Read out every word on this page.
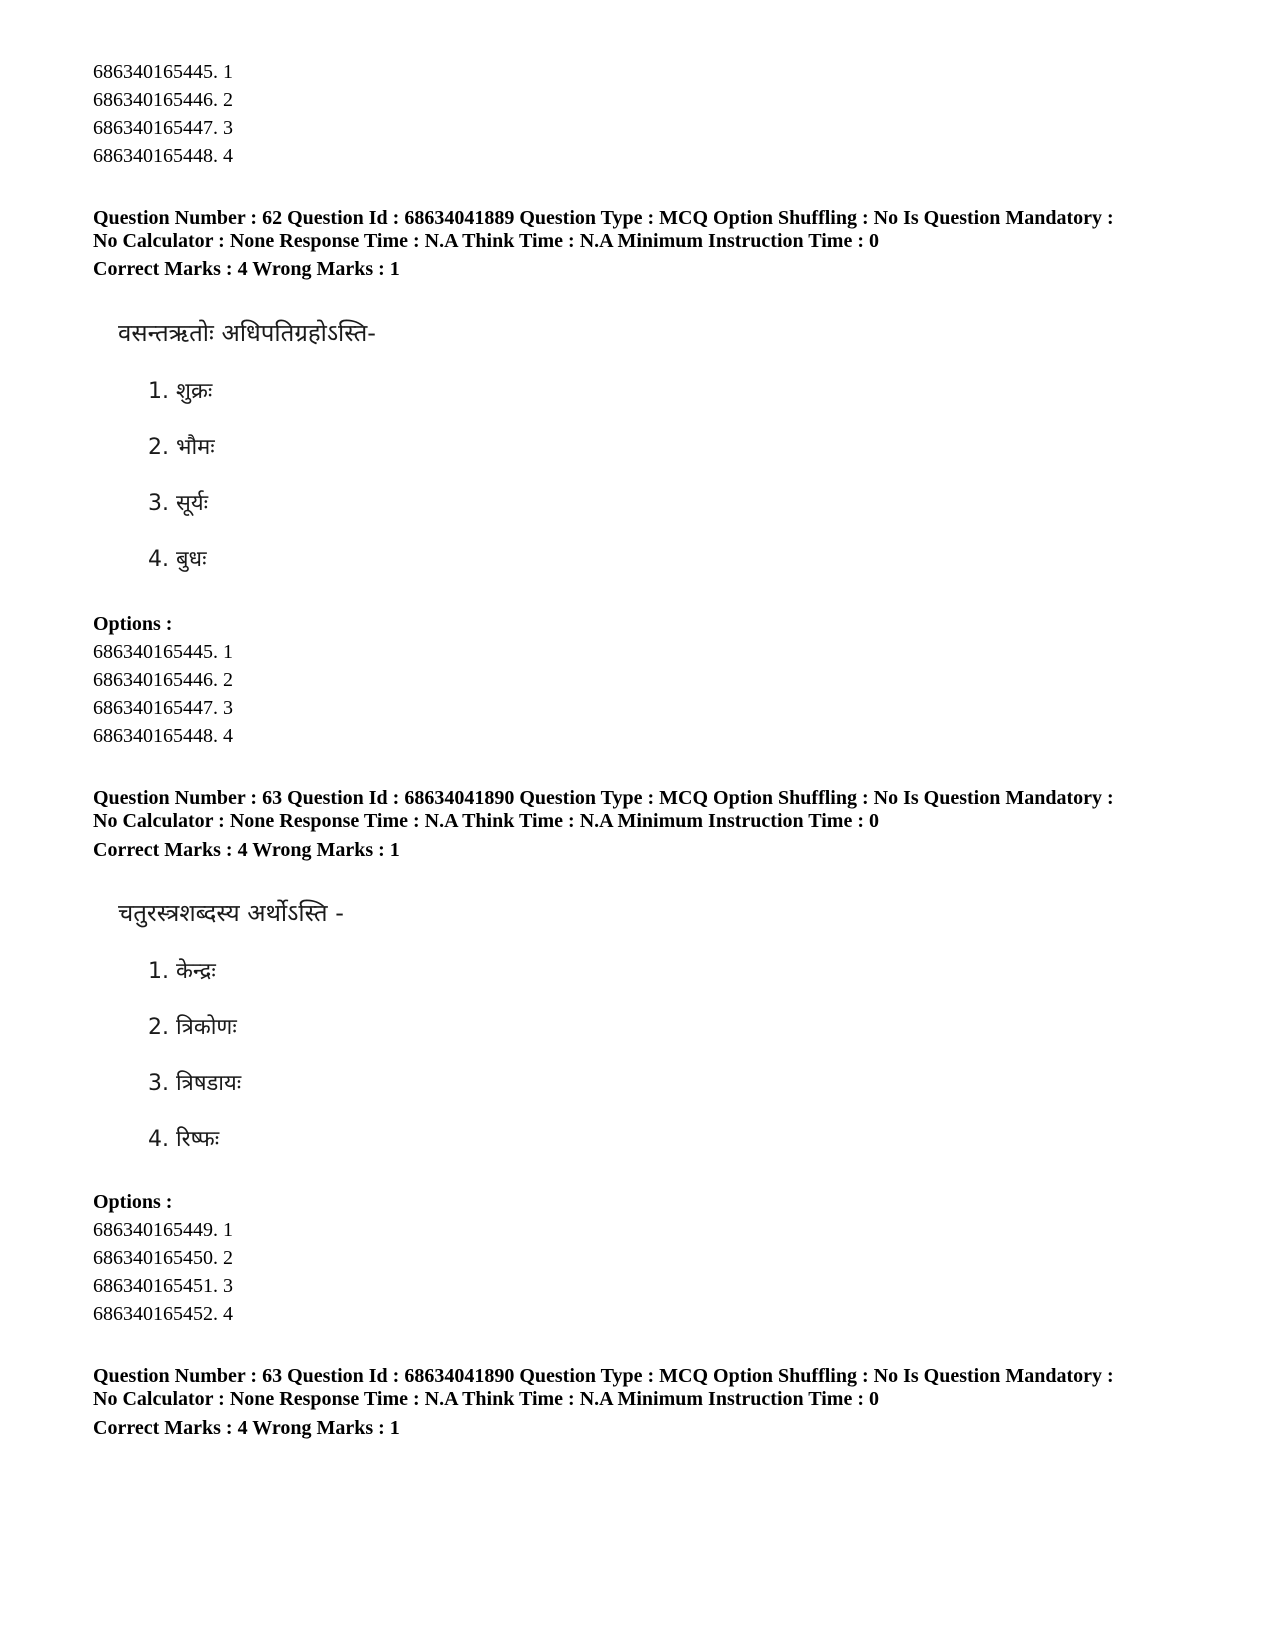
686340165445. 1
686340165446. 2
686340165447. 3
686340165448. 4
Question Number : 62 Question Id : 68634041889 Question Type : MCQ Option Shuffling : No Is Question Mandatory :
No Calculator : None Response Time : N.A Think Time : N.A Minimum Instruction Time : 0
Correct Marks : 4 Wrong Marks : 1
वसन्तऋतोः अधिपतिग्रहोऽस्ति-
1. शुक्रः
2. भौमः
3. सूर्यः
4. बुधः
Options :
686340165445. 1
686340165446. 2
686340165447. 3
686340165448. 4
Question Number : 63 Question Id : 68634041890 Question Type : MCQ Option Shuffling : No Is Question Mandatory :
No Calculator : None Response Time : N.A Think Time : N.A Minimum Instruction Time : 0
Correct Marks : 4 Wrong Marks : 1
चतुरस्त्रशब्दस्य अर्थोऽस्ति -
1. केन्द्रः
2. त्रिकोणः
3. त्रिषडायः
4. रिष्फः
Options :
686340165449. 1
686340165450. 2
686340165451. 3
686340165452. 4
Question Number : 63 Question Id : 68634041890 Question Type : MCQ Option Shuffling : No Is Question Mandatory :
No Calculator : None Response Time : N.A Think Time : N.A Minimum Instruction Time : 0
Correct Marks : 4 Wrong Marks : 1
